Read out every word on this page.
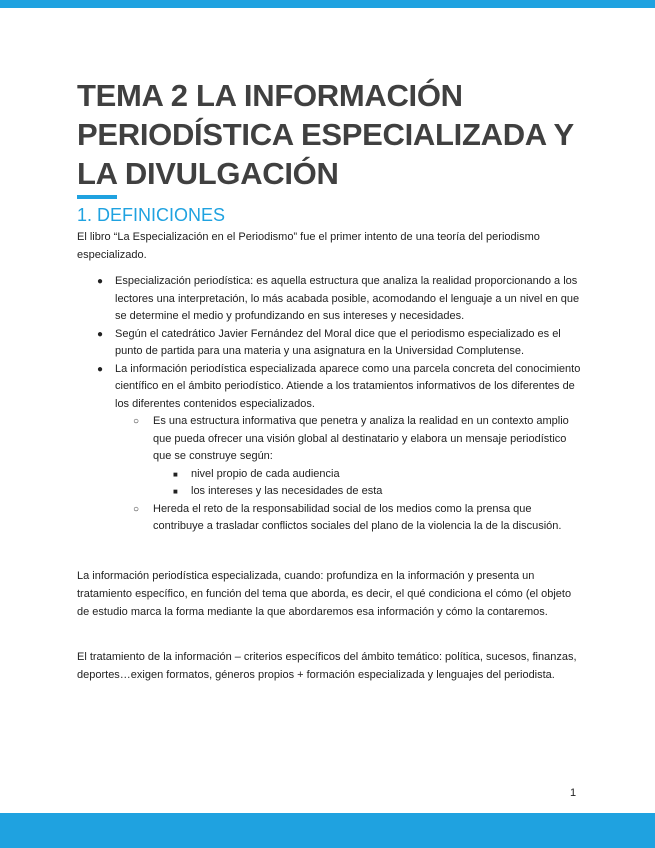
TEMA 2 LA INFORMACIÓN PERIODÍSTICA ESPECIALIZADA Y LA DIVULGACIÓN
1. DEFINICIONES

El libro “La Especialización en el Periodismo” fue el primer intento de una teoría del periodismo especializado.

● Especialización periodística: es aquella estructura que analiza la realidad proporcionando a los lectores una interpretación, lo más acabada posible, acomodando el lenguaje a un nivel en que se determine el medio y profundizando en sus intereses y necesidades.
● Según el catedrático Javier Fernández del Moral dice que el periodismo especializado es el punto de partida para una materia y una asignatura en la Universidad Complutense.
● La información periodística especializada aparece como una parcela concreta del conocimiento científico en el ámbito periodístico. Atiende a los tratamientos informativos de los diferentes de los diferentes contenidos especializados.
○ Es una estructura informativa que penetra y analiza la realidad en un contexto amplio que pueda ofrecer una visión global al destinatario y elabora un mensaje periodístico que se construye según:
■ nivel propio de cada audiencia
■ los intereses y las necesidades de esta
○ Hereda el reto de la responsabilidad social de los medios como la prensa que contribuye a trasladar conflictos sociales del plano de la violencia la de la discusión.

La información periodística especializada, cuando: profundiza en la información y presenta un tratamiento específico, en función del tema que aborda, es decir, el qué condiciona el cómo (el objeto de estudio marca la forma mediante la que abordaremos esa información y cómo la contaremos.

El tratamiento de la información – criterios específicos del ámbito temático: política, sucesos, finanzas, deportes…exigen formatos, géneros propios + formación especializada y lenguajes del periodista.

1
